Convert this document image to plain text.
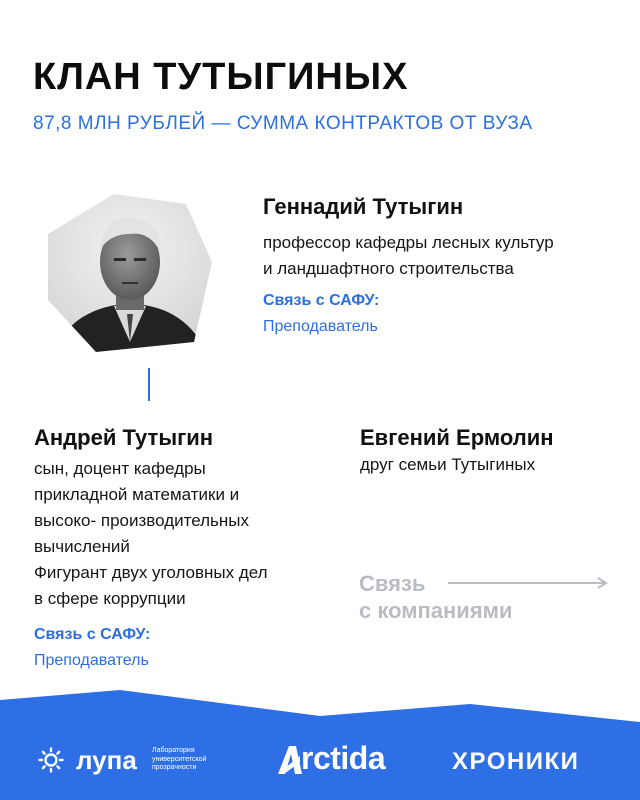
КЛАН ТУТЫГИНЫХ
87,8 МЛН РУБЛЕЙ — СУММА КОНТРАКТОВ ОТ ВУЗА
Геннадий Тутыгин
профессор кафедры лесных культур
и ландшафтного строительства
Связь с САФУ:
Преподаватель
Андрей Тутыгин
сын, доцент кафедры
прикладной математики и
высоко- производительных
вычислений
Фигурант двух уголовных дел
в сфере коррупции
Связь с САФУ:
Преподаватель
Евгений Ермолин
друг семьи Тутыгиных
Связь
с компаниями
лупа Лаборатория
университетской
прозрачности	rctida	ХРОНИКИ
